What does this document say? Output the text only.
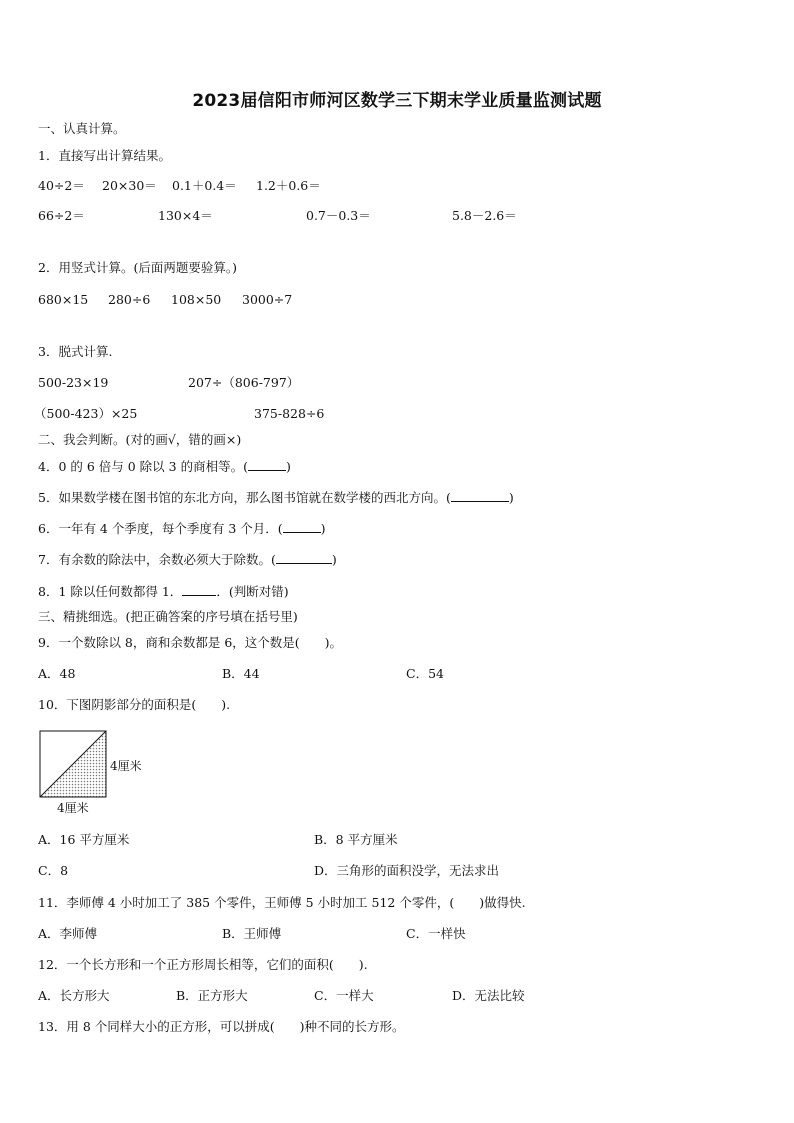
2023届信阳市师河区数学三下期末学业质量监测试题
一、认真计算。
1．直接写出计算结果。
40÷2＝ 20×30＝ 0.1＋0.4＝ 1.2＋0.6＝
66÷2＝	130×4＝	0.7－0.3＝	5.8－2.6＝
2．用竖式计算。(后面两题要验算。)
680×15 280÷6 108×50 3000÷7
3．脱式计算.
500-23×19	207÷（806-797）
（500-423）×25	375-828÷6
二、我会判断。(对的画√，错的画×)
4．0 的 6 倍与 0 除以 3 的商相等。(	)
5．如果数学楼在图书馆的东北方向，那么图书馆就在数学楼的西北方向。(	)
6．一年有 4 个季度，每个季度有 3 个月．(	)
7．有余数的除法中，余数必须大于除数。(	)
8．1 除以任何数都得 1．	．(判断对错)
三、精挑细选。(把正确答案的序号填在括号里)
9．一个数除以 8，商和余数都是 6，这个数是(　　)。
A．48	B．44	C．54
10．下图阴影部分的面积是(　　).
4厘米
4厘米
A．16 平方厘米	B．8 平方厘米
C．8	D．三角形的面积没学，无法求出
11．李师傅 4 小时加工了 385 个零件，王师傅 5 小时加工 512 个零件，(　　)做得快.
A．李师傅	B．王师傅	C．一样快
12．一个长方形和一个正方形周长相等，它们的面积(　　).
A．长方形大	B．正方形大	C．一样大	D．无法比较
13．用 8 个同样大小的正方形，可以拼成(　　)种不同的长方形。
